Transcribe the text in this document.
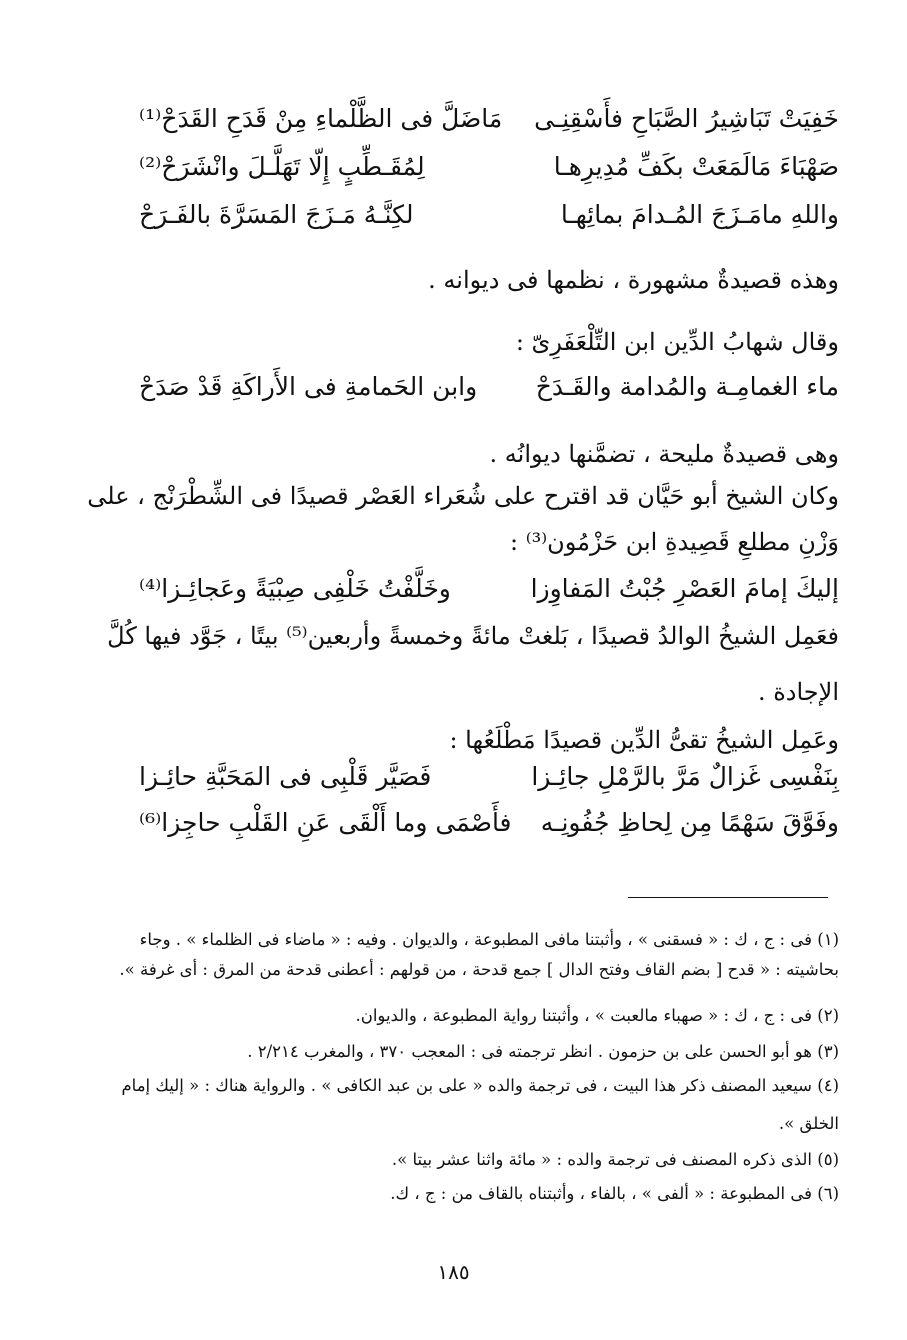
خَفِيَتْ تَبَاشِيرُ الصَّبَاحِ فأَسْقِنِـى
مَاضَلَّ فى الظَّلْماءِ مِنْ قَدَحِ القَدَحْ⁽¹⁾
صَهْبَاءَ مَالَمَعَتْ بكَفِّ مُدِيرِهـا
لِمُقَـطِّبٍ إِلّا تَهَلَّـلَ وانْشَرَحْ⁽²⁾
واللهِ مامَـزَجَ المُـدامَ بمائِهـا
لكِنَّـهُ مَـزَجَ المَسَرَّةَ بالفَـرَحْ
وهذه قصيدةٌ مشهورة ، نظمها فى ديوانه .
وقال شهابُ الدِّين ابن التِّلْعَفَرِىّ :
ماء الغمامِـة والمُدامة والقَـدَحْ
وابن الحَمامةِ فى الأَراكَةِ قَدْ صَدَحْ
وهى قصيدةٌ مليحة ، تضمَّنها ديوانُه .
وكان الشيخ أبو حَيَّان قد اقترح على شُعَراء العَصْر قصيدًا فى الشِّطْرَنْج ، على
وَزْنِ مطلعِ قَصِيدةِ ابن حَزْمُون⁽³⁾ :
إليكَ إمامَ العَصْرِ جُبْتُ المَفاوِزا
وخَلَّفْتُ خَلْفِى صِبْيَةً وعَجائِـزا⁽⁴⁾
فعَمِل الشيخُ الوالدُ قصيدًا ، بَلغتْ مائةً وخمسةً وأربعين⁽⁵⁾ بيتًا ، جَوَّد فيها كُلَّ
الإجادة .
وعَمِل الشيخُ تقىُّ الدِّين قصيدًا مَطْلَعُها :
بِنَفْسِى غَزالٌ مَرَّ بالرَّمْلِ جائِـزا
فَصَيَّر قَلْبِى فى المَحَبَّةِ حائِـزا
وفَوَّقَ سَهْمًا مِن لِحاظِ جُفُونِـه
فأَصْمَى وما أَلْقَى عَنِ القَلْبِ حاجِزا⁽⁶⁾
(١) فى : ج ، ك : « فسقنى » ، وأثبتنا مافى المطبوعة ، والديوان . وفيه : « ماضاء فى الظلماء » . وجاء
بحاشيته : « قدح [ بضم القاف وفتح الدال ] جمع قدحة ، من قولهم : أعطنى قدحة من المرق : أى غرفة ».
(٢) فى : ج ، ك : « صهباء مالعبت » ، وأثبتنا رواية المطبوعة ، والديوان.
(٣) هو أبو الحسن على بن حزمون . انظر ترجمته فى : المعجب ٣٧٠ ، والمغرب ٢/٢١٤ .
(٤) سيعيد المصنف ذكر هذا البيت ، فى ترجمة والده « على بن عبد الكافى » . والرواية هناك : « إليك إمام
الخلق ».
(٥) الذى ذكره المصنف فى ترجمة والده : « مائة واثنا عشر بيتا ».
(٦) فى المطبوعة : « ألفى » ، بالفاء ، وأثبتناه بالقاف من : ج ، ك.
١٨٥
